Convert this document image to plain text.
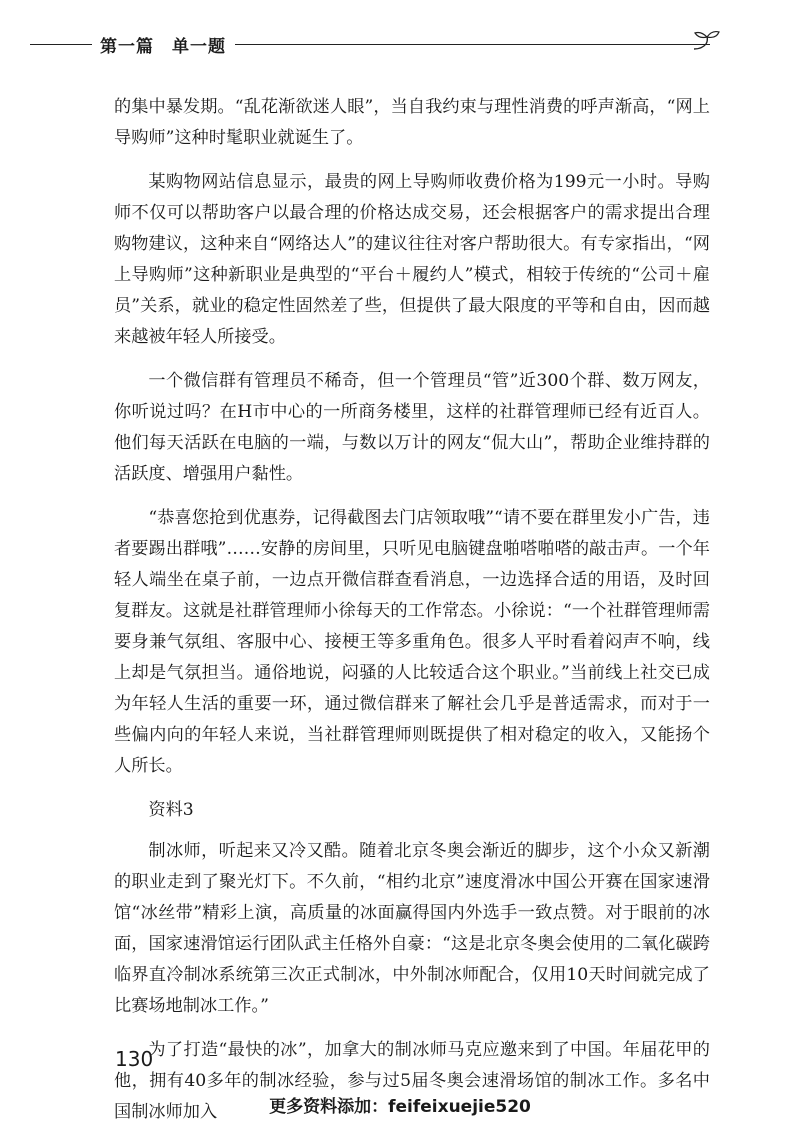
第一篇　单一题

的集中暴发期。“乱花渐欲迷人眼”，当自我约束与理性消费的呼声渐高，“网上导购师”这种时髦职业就诞生了。

某购物网站信息显示，最贵的网上导购师收费价格为199元一小时。导购师不仅可以帮助客户以最合理的价格达成交易，还会根据客户的需求提出合理购物建议，这种来自“网络达人”的建议往往对客户帮助很大。有专家指出，“网上导购师”这种新职业是典型的“平台＋履约人”模式，相较于传统的“公司＋雇员”关系，就业的稳定性固然差了些，但提供了最大限度的平等和自由，因而越来越被年轻人所接受。

一个微信群有管理员不稀奇，但一个管理员“管”近300个群、数万网友，你听说过吗？在H市中心的一所商务楼里，这样的社群管理师已经有近百人。他们每天活跃在电脑的一端，与数以万计的网友“侃大山”，帮助企业维持群的活跃度、增强用户黏性。

“恭喜您抢到优惠券，记得截图去门店领取哦”“请不要在群里发小广告，违者要踢出群哦”……安静的房间里，只听见电脑键盘啪嗒啪嗒的敲击声。一个年轻人端坐在桌子前，一边点开微信群查看消息，一边选择合适的用语，及时回复群友。这就是社群管理师小徐每天的工作常态。小徐说：“一个社群管理师需要身兼气氛组、客服中心、接梗王等多重角色。很多人平时看着闷声不响，线上却是气氛担当。通俗地说，闷骚的人比较适合这个职业。”当前线上社交已成为年轻人生活的重要一环，通过微信群来了解社会几乎是普适需求，而对于一些偏内向的年轻人来说，当社群管理师则既提供了相对稳定的收入，又能扬个人所长。

资料3

制冰师，听起来又冷又酷。随着北京冬奥会渐近的脚步，这个小众又新潮的职业走到了聚光灯下。不久前，“相约北京”速度滑冰中国公开赛在国家速滑馆“冰丝带”精彩上演，高质量的冰面赢得国内外选手一致点赞。对于眼前的冰面，国家速滑馆运行团队武主任格外自豪：“这是北京冬奥会使用的二氧化碳跨临界直冷制冰系统第三次正式制冰，中外制冰师配合，仅用10天时间就完成了比赛场地制冰工作。”

为了打造“最快的冰”，加拿大的制冰师马克应邀来到了中国。年届花甲的他，拥有40多年的制冰经验，参与过5届冬奥会速滑场馆的制冰工作。多名中国制冰师加入

130
更多资料添加：feifeixuejie520
